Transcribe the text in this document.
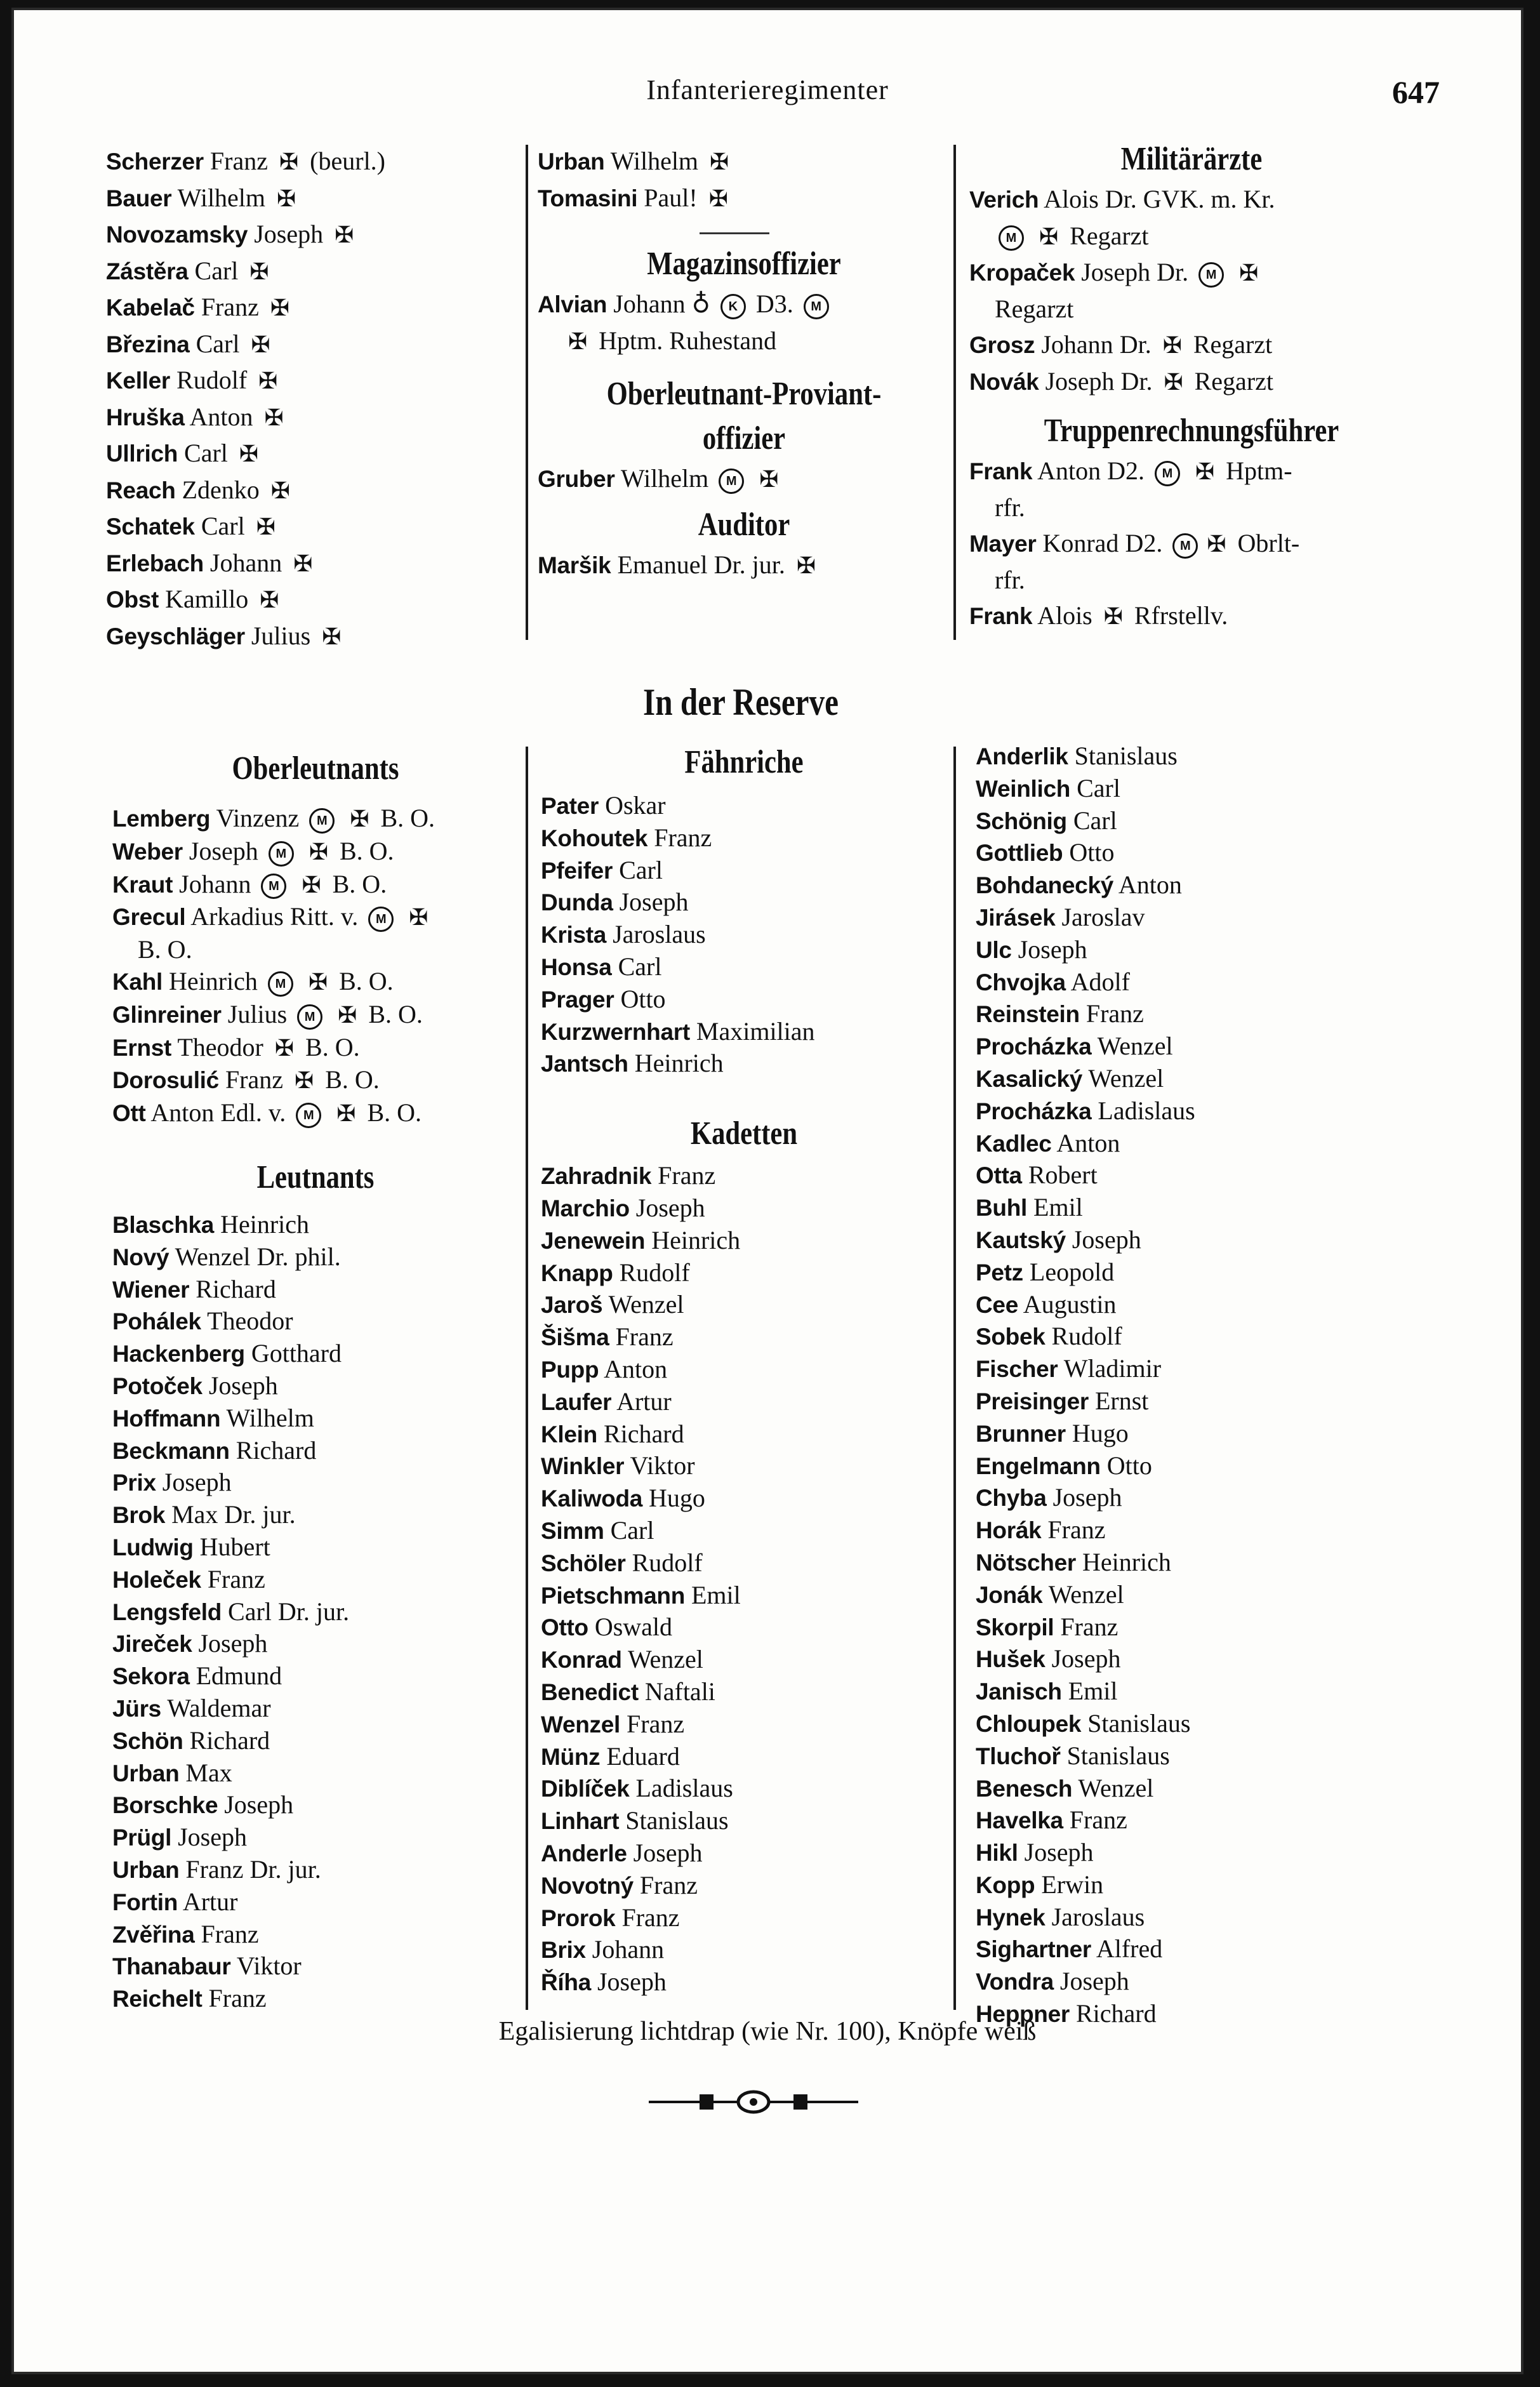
Infanterieregimenter	647
Scherzer Franz ✠ (beurl.)
Bauer Wilhelm ✠
Novozamsky Joseph ✠
Zástěra Carl ✠
Kabelač Franz ✠
Březina Carl ✠
Keller Rudolf ✠
Hruška Anton ✠
Ullrich Carl ✠
Reach Zdenko ✠
Schatek Carl ✠
Erlebach Johann ✠
Obst Kamillo ✠
Geyschläger Julius ✠
Urban Wilhelm ✠
Tomasini Paul! ✠
Magazinsoffizier
Alvian Johann ♁ K D3. M
✠ Hptm. Ruhestand
Oberleutnant-Proviant-
offizier
Gruber Wilhelm M ✠
Auditor
Maršik Emanuel Dr. jur. ✠
Militärärzte
Verich Alois Dr. GVK. m. Kr.
M ✠ Regarzt
Kropaček Joseph Dr. M ✠
Regarzt
Grosz Johann Dr. ✠ Regarzt
Novák Joseph Dr. ✠ Regarzt
Truppenrechnungsführer
Frank Anton D2. M ✠ Hptm-
rfr.
Mayer Konrad D2. M ✠ Obrlt-
rfr.
Frank Alois ✠ Rfrstellv.
In der Reserve
Oberleutnants
Lemberg Vinzenz M ✠ B. O.
Weber Joseph M ✠ B. O.
Kraut Johann M ✠ B. O.
Grecul Arkadius Ritt. v. M ✠
B. O.
Kahl Heinrich M ✠ B. O.
Glinreiner Julius M ✠ B. O.
Ernst Theodor ✠ B. O.
Dorosulić Franz ✠ B. O.
Ott Anton Edl. v. M ✠ B. O.
Leutnants
Blaschka Heinrich
Nový Wenzel Dr. phil.
Wiener Richard
Pohálek Theodor
Hackenberg Gotthard
Potoček Joseph
Hoffmann Wilhelm
Beckmann Richard
Prix Joseph
Brok Max Dr. jur.
Ludwig Hubert
Holeček Franz
Lengsfeld Carl Dr. jur.
Jireček Joseph
Sekora Edmund
Jürs Waldemar
Schön Richard
Urban Max
Borschke Joseph
Prügl Joseph
Urban Franz Dr. jur.
Fortin Artur
Zvěřina Franz
Thanabaur Viktor
Reichelt Franz
Fähnriche
Pater Oskar
Kohoutek Franz
Pfeifer Carl
Dunda Joseph
Krista Jaroslaus
Honsa Carl
Prager Otto
Kurzwernhart Maximilian
Jantsch Heinrich
Kadetten
Zahradnik Franz
Marchio Joseph
Jenewein Heinrich
Knapp Rudolf
Jaroš Wenzel
Šišma Franz
Pupp Anton
Laufer Artur
Klein Richard
Winkler Viktor
Kaliwoda Hugo
Simm Carl
Schöler Rudolf
Pietschmann Emil
Otto Oswald
Konrad Wenzel
Benedict Naftali
Wenzel Franz
Münz Eduard
Diblíček Ladislaus
Linhart Stanislaus
Anderle Joseph
Novotný Franz
Prorok Franz
Brix Johann
Říha Joseph
Anderlik Stanislaus
Weinlich Carl
Schönig Carl
Gottlieb Otto
Bohdanecký Anton
Jirásek Jaroslav
Ulc Joseph
Chvojka Adolf
Reinstein Franz
Procházka Wenzel
Kasalický Wenzel
Procházka Ladislaus
Kadlec Anton
Otta Robert
Buhl Emil
Kautský Joseph
Petz Leopold
Cee Augustin
Sobek Rudolf
Fischer Wladimir
Preisinger Ernst
Brunner Hugo
Engelmann Otto
Chyba Joseph
Horák Franz
Nötscher Heinrich
Jonák Wenzel
Skorpil Franz
Hušek Joseph
Janisch Emil
Chloupek Stanislaus
Tluchoř Stanislaus
Benesch Wenzel
Havelka Franz
Hikl Joseph
Kopp Erwin
Hynek Jaroslaus
Sighartner Alfred
Vondra Joseph
Heppner Richard
Egalisierung lichtdrap (wie Nr. 100), Knöpfe weiß
